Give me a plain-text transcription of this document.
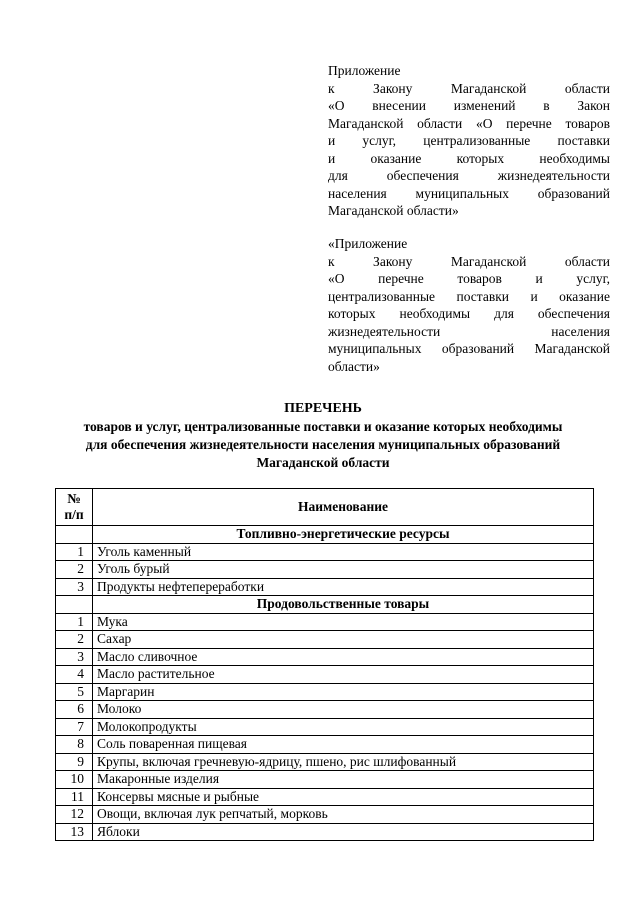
Приложение
к Закону Магаданской области
«О внесении изменений в Закон
Магаданской области «О перечне товаров
и услуг, централизованные поставки
и оказание которых необходимы
для обеспечения жизнедеятельности
населения муниципальных образований
Магаданской области»
«Приложение
к Закону Магаданской области
«О перечне товаров и услуг,
централизованные поставки и оказание
которых необходимы для обеспечения
жизнедеятельности населения
муниципальных образований Магаданской
области»
ПЕРЕЧЕНЬ
товаров и услуг, централизованные поставки и оказание которых необходимы
для обеспечения жизнедеятельности населения муниципальных образований
Магаданской области
№
п/п	Наименование
	Топливно-энергетические ресурсы
1	Уголь каменный
2	Уголь бурый
3	Продукты нефтепереработки
	Продовольственные товары
1	Мука
2	Сахар
3	Масло сливочное
4	Масло растительное
5	Маргарин
6	Молоко
7	Молокопродукты
8	Соль поваренная пищевая
9	Крупы, включая гречневую-ядрицу, пшено, рис шлифованный
10	Макаронные изделия
11	Консервы мясные и рыбные
12	Овощи, включая лук репчатый, морковь
13	Яблоки
